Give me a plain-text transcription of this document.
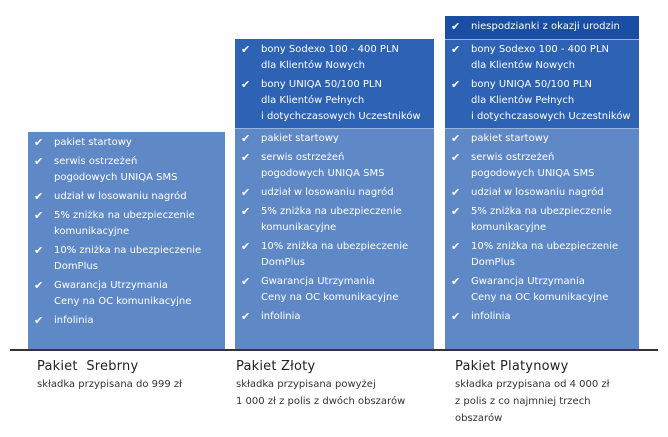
✔	pakiet startowy
✔	serwis ostrzeżeń
pogodowych UNIQA SMS
✔	udział w losowaniu nagród
✔	5% zniżka na ubezpieczenie
komunikacyjne
✔	10% zniżka na ubezpieczenie
DomPlus
✔	Gwarancja Utrzymania
Ceny na OC komunikacyjne
✔	infolinia
✔	bony Sodexo 100 - 400 PLN
dla Klientów Nowych
✔	bony UNIQA 50/100 PLN
dla Klientów Pełnych
i dotychczasowych Uczestników
✔	pakiet startowy
✔	serwis ostrzeżeń
pogodowych UNIQA SMS
✔	udział w losowaniu nagród
✔	5% zniżka na ubezpieczenie
komunikacyjne
✔	10% zniżka na ubezpieczenie
DomPlus
✔	Gwarancja Utrzymania
Ceny na OC komunikacyjne
✔	infolinia
✔	niespodzianki z okazji urodzin
✔	bony Sodexo 100 - 400 PLN
dla Klientów Nowych
✔	bony UNIQA 50/100 PLN
dla Klientów Pełnych
i dotychczasowych Uczestników
✔	pakiet startowy
✔	serwis ostrzeżeń
pogodowych UNIQA SMS
✔	udział w losowaniu nagród
✔	5% zniżka na ubezpieczenie
komunikacyjne
✔	10% zniżka na ubezpieczenie
DomPlus
✔	Gwarancja Utrzymania
Ceny na OC komunikacyjne
✔	infolinia
Pakiet  Srebrny
składka przypisana do 999 zł
Pakiet Złoty
składka przypisana powyżej
1 000 zł z polis z dwóch obszarów
Pakiet Platynowy
składka przypisana od 4 000 zł
z polis z co najmniej trzech
obszarów
